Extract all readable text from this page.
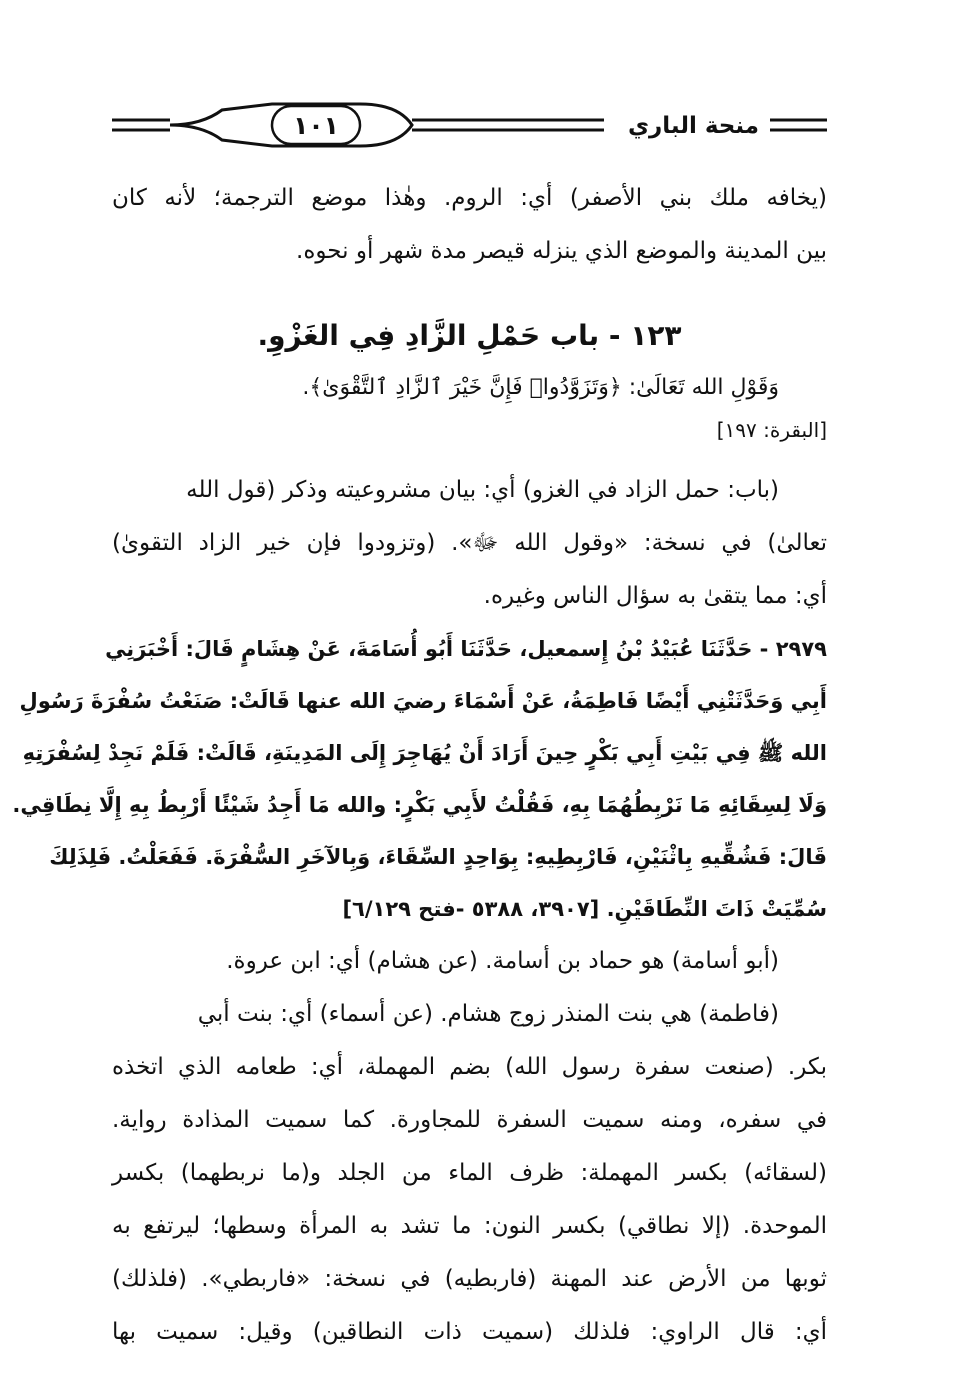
١٠١	منحة الباري
(يخافه ملك بني الأصفر) أي: الروم. وهٰذا موضع الترجمة؛ لأنه كان
بين المدينة والموضع الذي ينزله قيصر مدة شهر أو نحوه.
١٢٣ - باب حَمْلِ الزَّادِ فِي الغَزْوِ.
وَقَوْلِ الله تَعَالَىٰ: ﴿وَتَزَوَّدُوا۟ فَإِنَّ خَيْرَ ٱلزَّادِ ٱلتَّقْوَىٰ﴾.
[البقرة: ١٩٧]
(باب: حمل الزاد في الغزو) أي: بيان مشروعيته وذكر (قول الله
تعالىٰ) في نسخة: «وقول الله ﷻ». (وتزودوا فإن خير الزاد التقوىٰ)
أي: مما يتقىٰ به سؤال الناس وغيره.
٢٩٧٩ - حَدَّثَنَا عُبَيْدُ بْنُ إِسمعيل، حَدَّثَنَا أَبُو أُسَامَةَ، عَنْ هِشَامٍ قَالَ: أَخْبَرَنِي
أَبِي وَحَدَّثَتْنِي أَيْضًا فَاطِمَةُ، عَنْ أَسْمَاءَ رضيَ الله عنها قَالَتْ: صَنَعْتُ سُفْرَةَ رَسُولِ
الله ﷺ فِي بَيْتِ أَبِي بَكْرٍ حِينَ أَرَادَ أَنْ يُهَاجِرَ إِلَى المَدِينَةِ، قَالَتْ: فَلَمْ نَجِدْ لِسُفْرَتِهِ
وَلَا لِسِقَائِهِ مَا نَرْبِطُهُمَا بِهِ، فَقُلْتُ لأَبِي بَكْرٍ: والله مَا أَجِدُ شَيْئًا أَرْبِطُ بِهِ إِلَّا نِطَاقِي.
قَالَ: فَشُقِّيهِ بِاثْنَيْنِ، فَارْبِطِيهِ: بِوَاحِدٍ السِّقَاءَ، وَبِالآخَرِ السُّفْرَةَ. فَفَعَلْتُ. فَلِذَلِكَ
سُمِّيَتْ ذَاتَ النِّطَاقَيْنِ. [٣٩٠٧، ٥٣٨٨ -فتح ٦/١٢٩]
(أبو أسامة) هو حماد بن أسامة. (عن هشام) أي: ابن عروة.
(فاطمة) هي بنت المنذر زوج هشام. (عن أسماء) أي: بنت أبي
بكر. (صنعت سفرة رسول الله) بضم المهملة، أي: طعامه الذي اتخذه
في سفره، ومنه سميت السفرة للمجاورة. كما سميت المذادة رواية.
(لسقائه) بكسر المهملة: ظرف الماء من الجلد و(ما نربطهما) بكسر
الموحدة. (إلا نطاقي) بكسر النون: ما تشد به المرأة وسطها؛ ليرتفع به
ثوبها من الأرض عند المهنة (فاربطيه) في نسخة: «فاربطي». (فلذلك)
أي: قال الراوي: فلذلك (سميت ذات النطاقين) وقيل: سميت بها
